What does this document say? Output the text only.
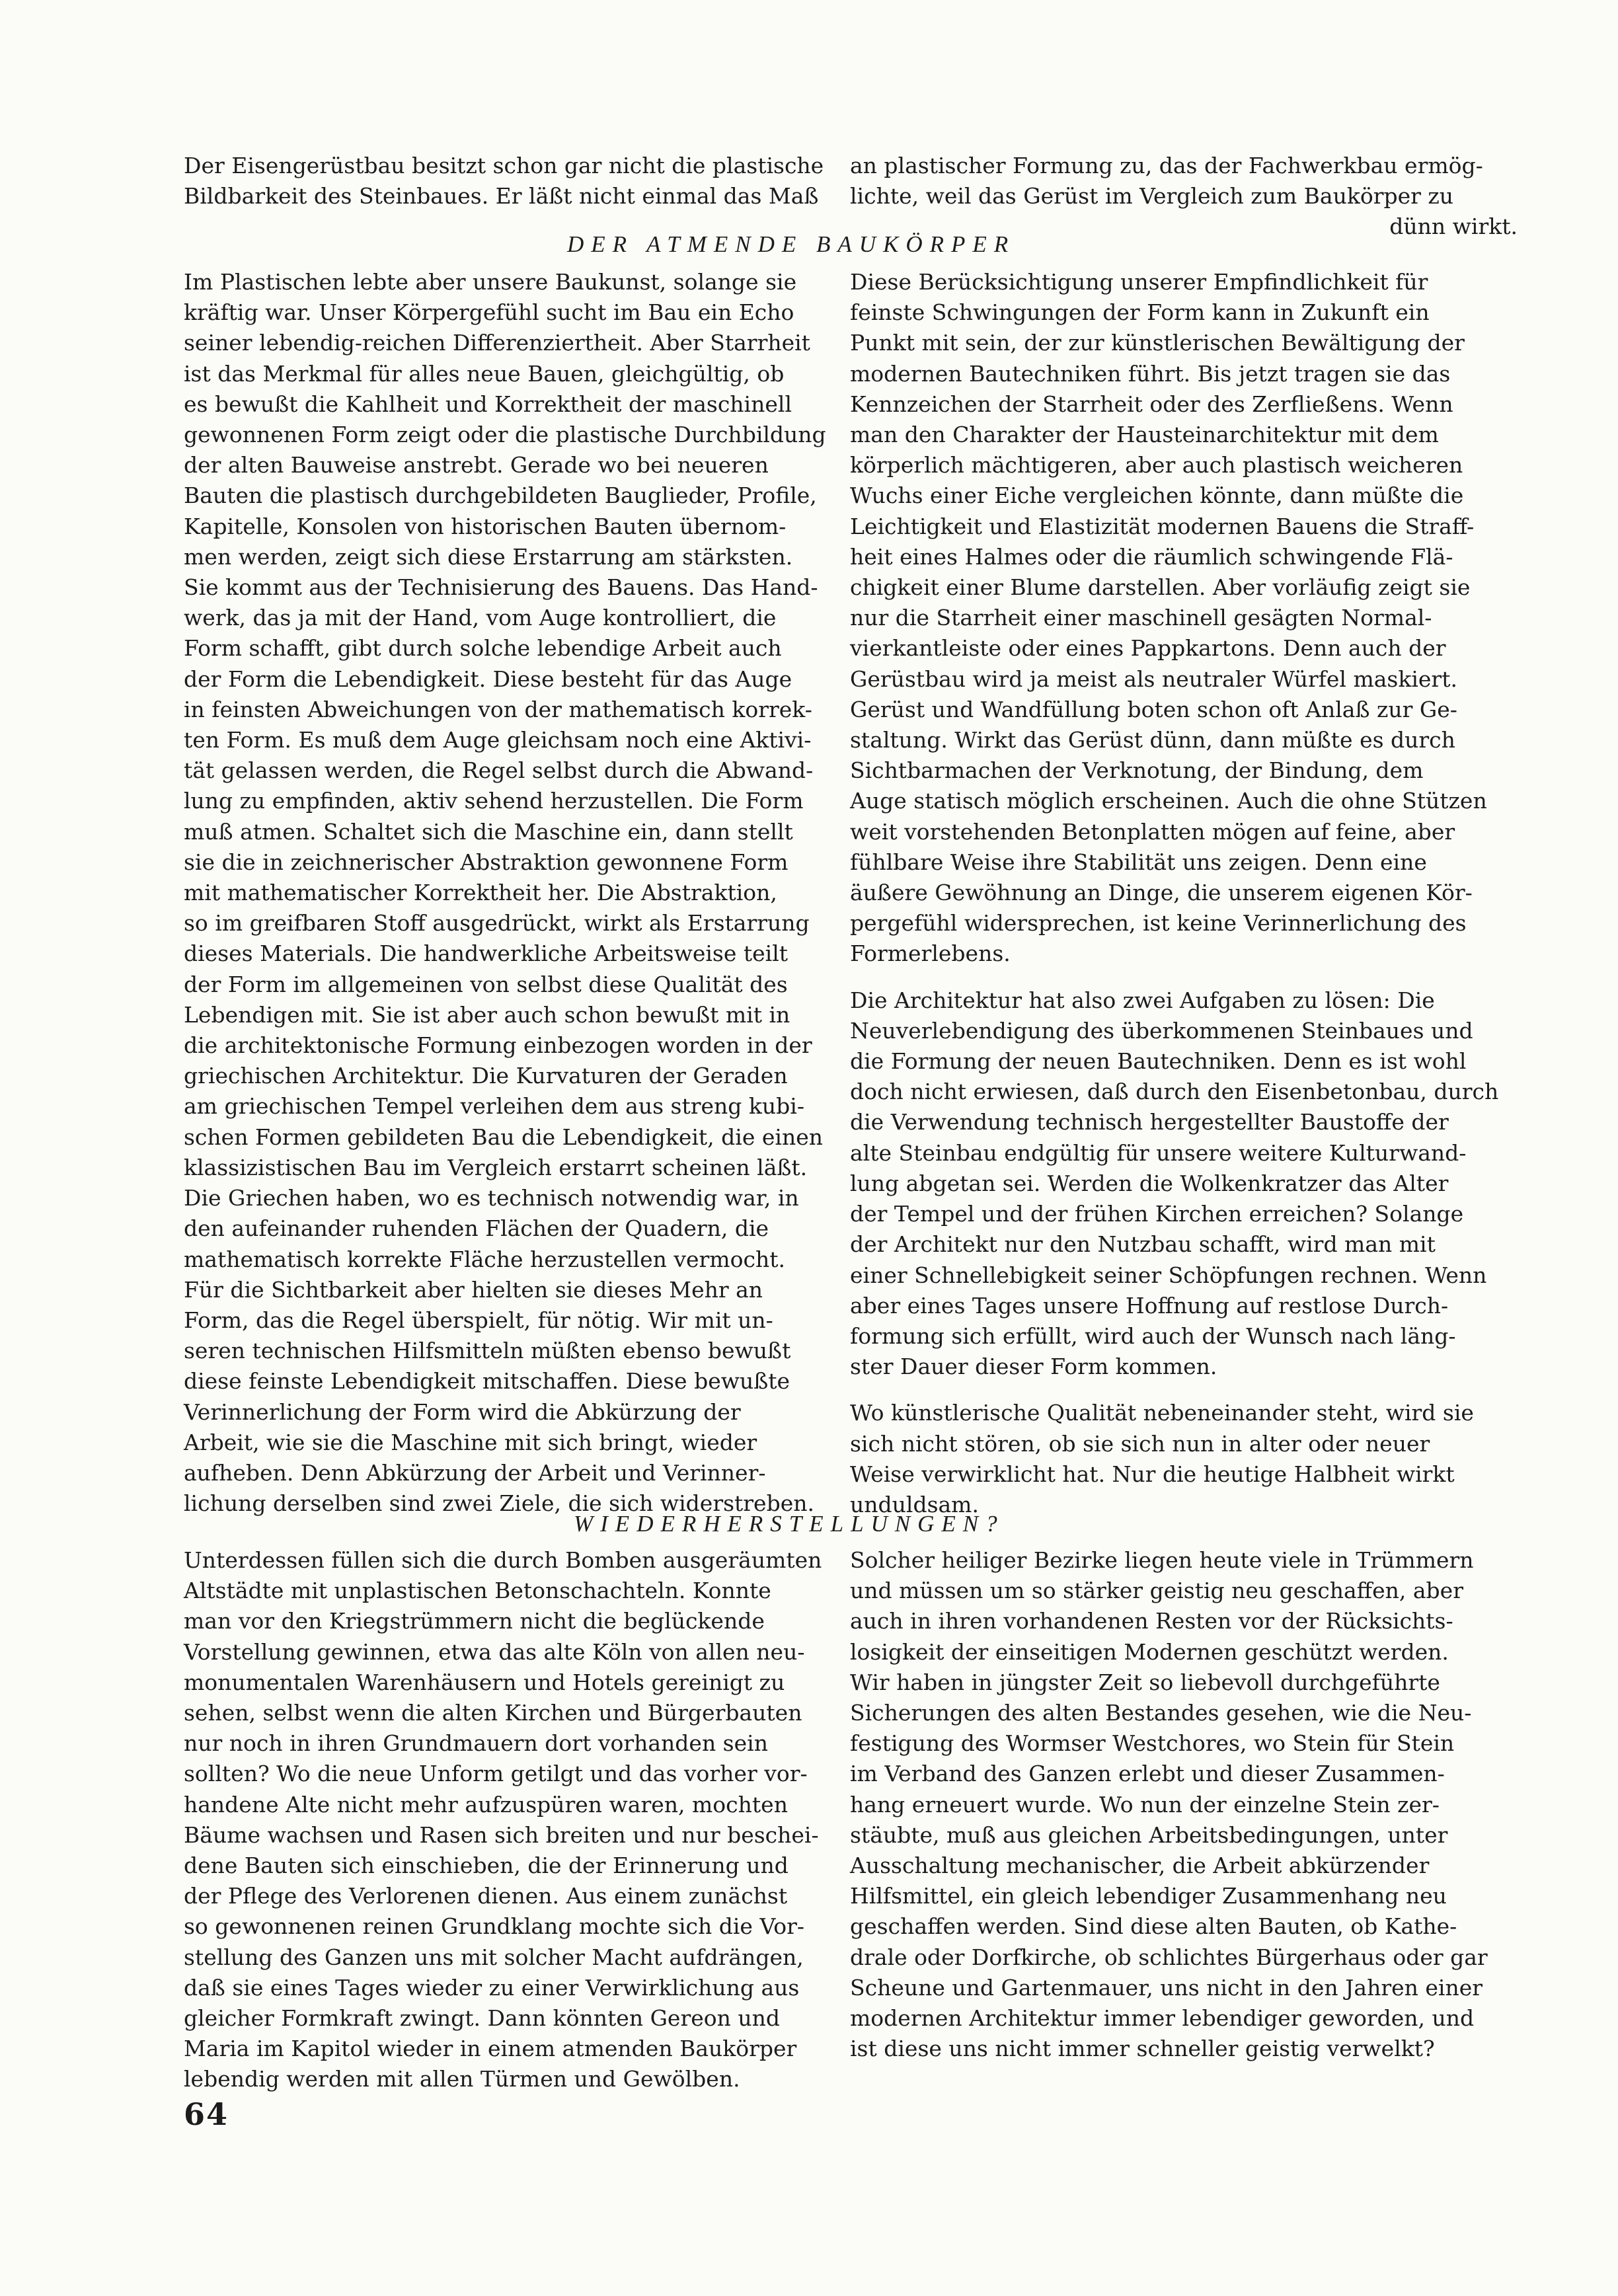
Der Eisengerüstbau besitzt schon gar nicht die plastische
Bildbarkeit des Steinbaues. Er läßt nicht einmal das Maß

an plastischer Formung zu, das der Fachwerkbau ermög-
lichte, weil das Gerüst im Vergleich zum Baukörper zu

dünn wirkt.

DER ATMENDE BAUKÖRPER

Im Plastischen lebte aber unsere Baukunst, solange sie
kräftig war. Unser Körpergefühl sucht im Bau ein Echo
seiner lebendig-reichen Differenziertheit. Aber Starrheit
ist das Merkmal für alles neue Bauen, gleichgültig, ob
es bewußt die Kahlheit und Korrektheit der maschinell
gewonnenen Form zeigt oder die plastische Durchbildung
der alten Bauweise anstrebt. Gerade wo bei neueren
Bauten die plastisch durchgebildeten Bauglieder, Profile,
Kapitelle, Konsolen von historischen Bauten übernom-
men werden, zeigt sich diese Erstarrung am stärksten.
Sie kommt aus der Technisierung des Bauens. Das Hand-
werk, das ja mit der Hand, vom Auge kontrolliert, die
Form schafft, gibt durch solche lebendige Arbeit auch
der Form die Lebendigkeit. Diese besteht für das Auge
in feinsten Abweichungen von der mathematisch korrek-
ten Form. Es muß dem Auge gleichsam noch eine Aktivi-
tät gelassen werden, die Regel selbst durch die Abwand-
lung zu empfinden, aktiv sehend herzustellen. Die Form
muß atmen. Schaltet sich die Maschine ein, dann stellt
sie die in zeichnerischer Abstraktion gewonnene Form
mit mathematischer Korrektheit her. Die Abstraktion,
so im greifbaren Stoff ausgedrückt, wirkt als Erstarrung
dieses Materials. Die handwerkliche Arbeitsweise teilt
der Form im allgemeinen von selbst diese Qualität des
Lebendigen mit. Sie ist aber auch schon bewußt mit in
die architektonische Formung einbezogen worden in der
griechischen Architektur. Die Kurvaturen der Geraden
am griechischen Tempel verleihen dem aus streng kubi-
schen Formen gebildeten Bau die Lebendigkeit, die einen
klassizistischen Bau im Vergleich erstarrt scheinen läßt.
Die Griechen haben, wo es technisch notwendig war, in
den aufeinander ruhenden Flächen der Quadern, die
mathematisch korrekte Fläche herzustellen vermocht.
Für die Sichtbarkeit aber hielten sie dieses Mehr an
Form, das die Regel überspielt, für nötig. Wir mit un-
seren technischen Hilfsmitteln müßten ebenso bewußt
diese feinste Lebendigkeit mitschaffen. Diese bewußte
Verinnerlichung der Form wird die Abkürzung der
Arbeit, wie sie die Maschine mit sich bringt, wieder
aufheben. Denn Abkürzung der Arbeit und Verinner-
lichung derselben sind zwei Ziele, die sich widerstreben.

Diese Berücksichtigung unserer Empfindlichkeit für
feinste Schwingungen der Form kann in Zukunft ein
Punkt mit sein, der zur künstlerischen Bewältigung der
modernen Bautechniken führt. Bis jetzt tragen sie das
Kennzeichen der Starrheit oder des Zerfließens. Wenn
man den Charakter der Hausteinarchitektur mit dem
körperlich mächtigeren, aber auch plastisch weicheren
Wuchs einer Eiche vergleichen könnte, dann müßte die
Leichtigkeit und Elastizität modernen Bauens die Straff-
heit eines Halmes oder die räumlich schwingende Flä-
chigkeit einer Blume darstellen. Aber vorläufig zeigt sie
nur die Starrheit einer maschinell gesägten Normal-
vierkantleiste oder eines Pappkartons. Denn auch der
Gerüstbau wird ja meist als neutraler Würfel maskiert.
Gerüst und Wandfüllung boten schon oft Anlaß zur Ge-
staltung. Wirkt das Gerüst dünn, dann müßte es durch
Sichtbarmachen der Verknotung, der Bindung, dem
Auge statisch möglich erscheinen. Auch die ohne Stützen
weit vorstehenden Betonplatten mögen auf feine, aber
fühlbare Weise ihre Stabilität uns zeigen. Denn eine
äußere Gewöhnung an Dinge, die unserem eigenen Kör-
pergefühl widersprechen, ist keine Verinnerlichung des
Formerlebens.

Die Architektur hat also zwei Aufgaben zu lösen: Die
Neuverlebendigung des überkommenen Steinbaues und
die Formung der neuen Bautechniken. Denn es ist wohl
doch nicht erwiesen, daß durch den Eisenbetonbau, durch
die Verwendung technisch hergestellter Baustoffe der
alte Steinbau endgültig für unsere weitere Kulturwand-
lung abgetan sei. Werden die Wolkenkratzer das Alter
der Tempel und der frühen Kirchen erreichen? Solange
der Architekt nur den Nutzbau schafft, wird man mit
einer Schnellebigkeit seiner Schöpfungen rechnen. Wenn
aber eines Tages unsere Hoffnung auf restlose Durch-
formung sich erfüllt, wird auch der Wunsch nach läng-
ster Dauer dieser Form kommen.

Wo künstlerische Qualität nebeneinander steht, wird sie
sich nicht stören, ob sie sich nun in alter oder neuer
Weise verwirklicht hat. Nur die heutige Halbheit wirkt
unduldsam.

WIEDERHERSTELLUNGEN?

Unterdessen füllen sich die durch Bomben ausgeräumten
Altstädte mit unplastischen Betonschachteln. Konnte
man vor den Kriegstrümmern nicht die beglückende
Vorstellung gewinnen, etwa das alte Köln von allen neu-
monumentalen Warenhäusern und Hotels gereinigt zu
sehen, selbst wenn die alten Kirchen und Bürgerbauten
nur noch in ihren Grundmauern dort vorhanden sein
sollten? Wo die neue Unform getilgt und das vorher vor-
handene Alte nicht mehr aufzuspüren waren, mochten
Bäume wachsen und Rasen sich breiten und nur beschei-
dene Bauten sich einschieben, die der Erinnerung und
der Pflege des Verlorenen dienen. Aus einem zunächst
so gewonnenen reinen Grundklang mochte sich die Vor-
stellung des Ganzen uns mit solcher Macht aufdrängen,
daß sie eines Tages wieder zu einer Verwirklichung aus
gleicher Formkraft zwingt. Dann könnten Gereon und
Maria im Kapitol wieder in einem atmenden Baukörper
lebendig werden mit allen Türmen und Gewölben.

Solcher heiliger Bezirke liegen heute viele in Trümmern
und müssen um so stärker geistig neu geschaffen, aber
auch in ihren vorhandenen Resten vor der Rücksichts-
losigkeit der einseitigen Modernen geschützt werden.
Wir haben in jüngster Zeit so liebevoll durchgeführte
Sicherungen des alten Bestandes gesehen, wie die Neu-
festigung des Wormser Westchores, wo Stein für Stein
im Verband des Ganzen erlebt und dieser Zusammen-
hang erneuert wurde. Wo nun der einzelne Stein zer-
stäubte, muß aus gleichen Arbeitsbedingungen, unter
Ausschaltung mechanischer, die Arbeit abkürzender
Hilfsmittel, ein gleich lebendiger Zusammenhang neu
geschaffen werden. Sind diese alten Bauten, ob Kathe-
drale oder Dorfkirche, ob schlichtes Bürgerhaus oder gar
Scheune und Gartenmauer, uns nicht in den Jahren einer
modernen Architektur immer lebendiger geworden, und
ist diese uns nicht immer schneller geistig verwelkt?

64
